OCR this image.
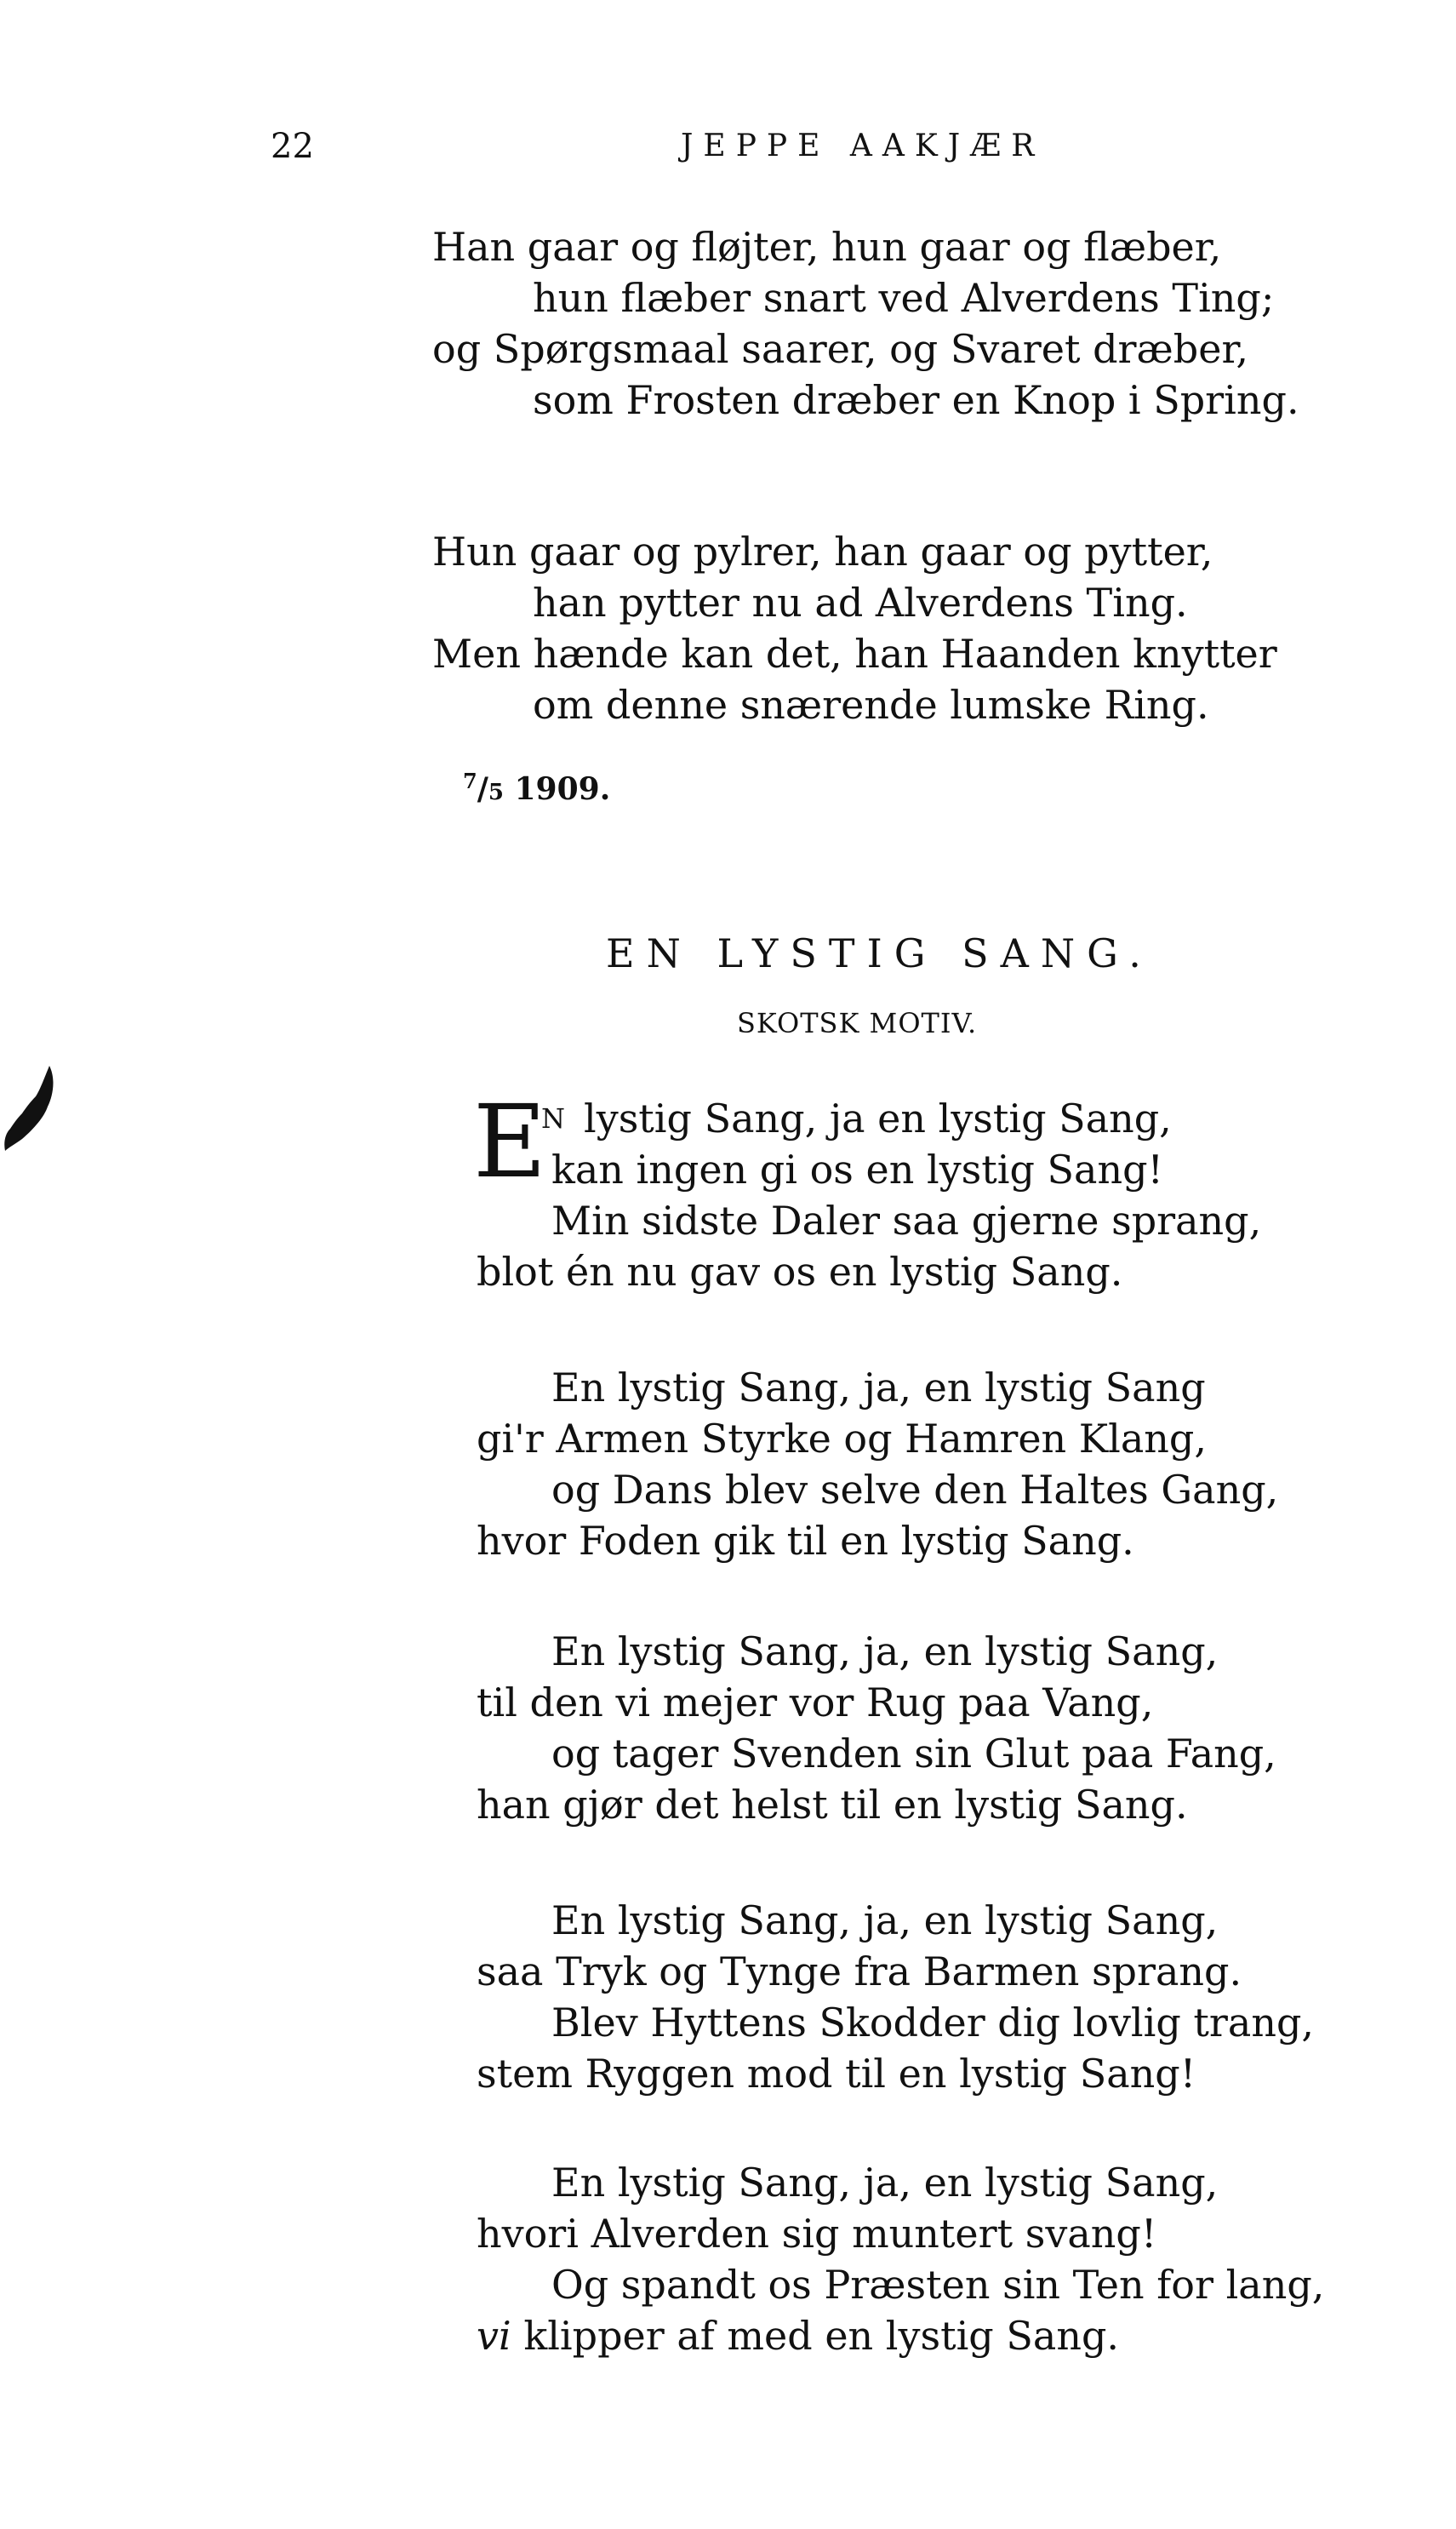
22	JEPPE AAKJÆR
Han gaar og fløjter, hun gaar og flæber,
hun flæber snart ved Alverdens Ting;
og Spørgsmaal saarer, og Svaret dræber,
som Frosten dræber en Knop i Spring.
Hun gaar og pylrer, han gaar og pytter,
han pytter nu ad Alverdens Ting.
Men hænde kan det, han Haanden knytter
om denne snærende lumske Ring.
$^7$/5 1909.
EN LYSTIG SANG.
SKOTSK MOTIV.
E
N lystig Sang, ja en lystig Sang,
kan ingen gi os en lystig Sang!
Min sidste Daler saa gjerne sprang,
blot én nu gav os en lystig Sang.
En lystig Sang, ja, en lystig Sang
gi'r Armen Styrke og Hamren Klang,
og Dans blev selve den Haltes Gang,
hvor Foden gik til en lystig Sang.
En lystig Sang, ja, en lystig Sang,
til den vi mejer vor Rug paa Vang,
og tager Svenden sin Glut paa Fang,
han gjør det helst til en lystig Sang.
En lystig Sang, ja, en lystig Sang,
saa Tryk og Tynge fra Barmen sprang.
Blev Hyttens Skodder dig lovlig trang,
stem Ryggen mod til en lystig Sang!
En lystig Sang, ja, en lystig Sang,
hvori Alverden sig muntert svang!
Og spandt os Præsten sin Ten for lang,
vi klipper af med en lystig Sang.
